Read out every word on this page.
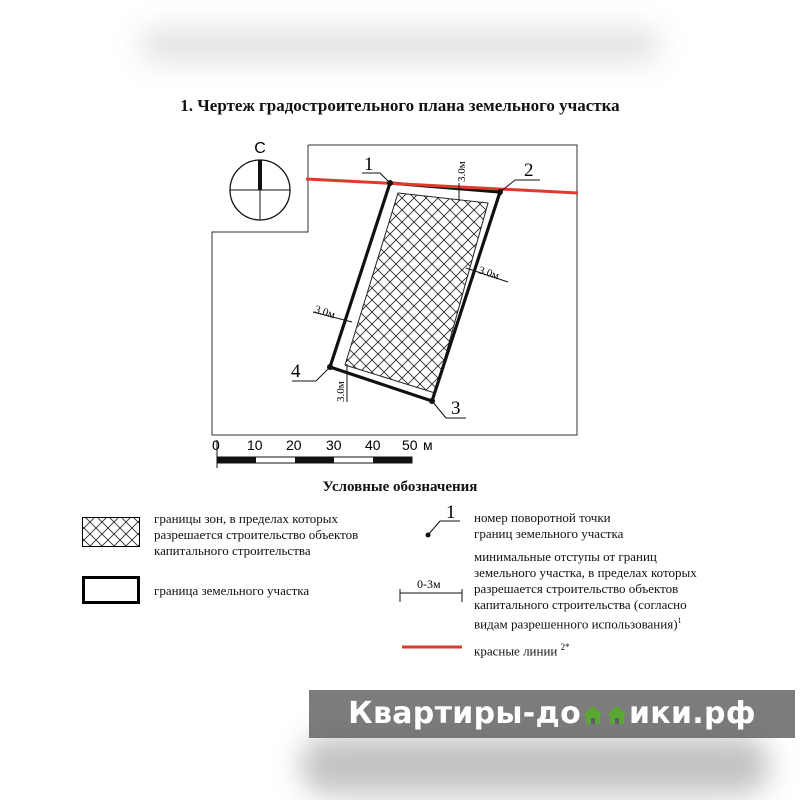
1. Чертеж градостроительного плана земельного участка
С
3.0м
3.0м
3.0м
3.0м
1	2
3
4
0 10 20 30 40 50 м
1
0-3м
Условные обозначения
границы зон, в пределах которых
разрешается строительство объектов
капитального строительства
граница земельного участка
номер поворотной точки
границ земельного участка
минимальные отступы от границ
земельного участка, в пределах которых
разрешается строительство объектов
капитального строительства (согласно
видам разрешенного использования)$^1$
красные линии $^{2*}$
Квартиры-до ики.рф
